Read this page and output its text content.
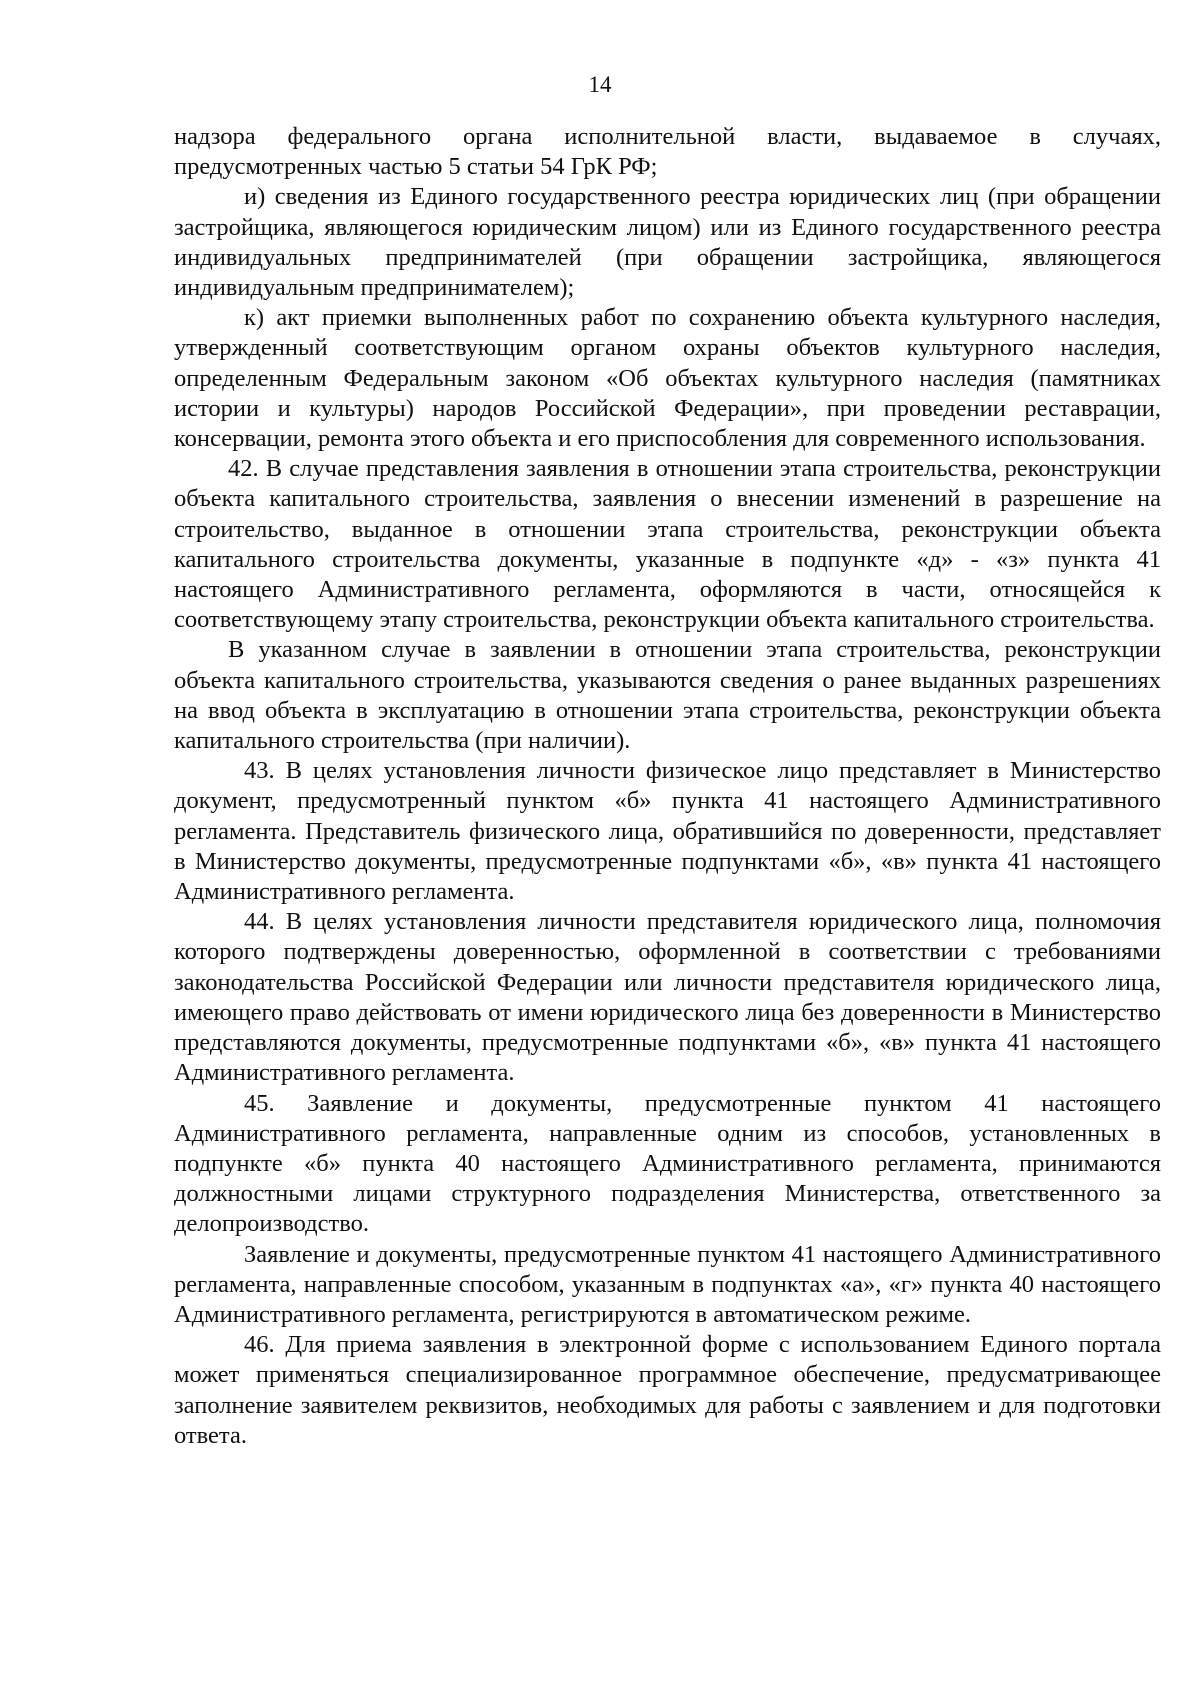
14

надзора федерального органа исполнительной власти, выдаваемое в случаях, предусмотренных частью 5 статьи 54 ГрК РФ;

и) сведения из Единого государственного реестра юридических лиц (при обращении застройщика, являющегося юридическим лицом) или из Единого государственного реестра индивидуальных предпринимателей (при обращении застройщика, являющегося индивидуальным предпринимателем);

к) акт приемки выполненных работ по сохранению объекта культурного наследия, утвержденный соответствующим органом охраны объектов культурного наследия, определенным Федеральным законом «Об объектах культурного наследия (памятниках истории и культуры) народов Российской Федерации», при проведении реставрации, консервации, ремонта этого объекта и его приспособления для современного использования.

42. В случае представления заявления в отношении этапа строительства, реконструкции объекта капитального строительства, заявления о внесении изменений в разрешение на строительство, выданное в отношении этапа строительства, реконструкции объекта капитального строительства документы, указанные в подпункте «д» - «з» пункта 41 настоящего Административного регламента, оформляются в части, относящейся к соответствующему этапу строительства, реконструкции объекта капитального строительства.

В указанном случае в заявлении в отношении этапа строительства, реконструкции объекта капитального строительства, указываются сведения о ранее выданных разрешениях на ввод объекта в эксплуатацию в отношении этапа строительства, реконструкции объекта капитального строительства (при наличии).

43. В целях установления личности физическое лицо представляет в Министерство документ, предусмотренный пунктом «б» пункта 41 настоящего Административного регламента. Представитель физического лица, обратившийся по доверенности, представляет в Министерство документы, предусмотренные подпунктами «б», «в» пункта 41 настоящего Административного регламента.

44. В целях установления личности представителя юридического лица, полномочия которого подтверждены доверенностью, оформленной в соответствии с требованиями законодательства Российской Федерации или личности представителя юридического лица, имеющего право действовать от имени юридического лица без доверенности в Министерство представляются документы, предусмотренные подпунктами «б», «в» пункта 41 настоящего Административного регламента.

45. Заявление и документы, предусмотренные пунктом 41 настоящего Административного регламента, направленные одним из способов, установленных в подпункте «б» пункта 40 настоящего Административного регламента, принимаются должностными лицами структурного подразделения Министерства, ответственного за делопроизводство.

Заявление и документы, предусмотренные пунктом 41 настоящего Административного регламента, направленные способом, указанным в подпунктах «а», «г» пункта 40 настоящего Административного регламента, регистрируются в автоматическом режиме.

46. Для приема заявления в электронной форме с использованием Единого портала может применяться специализированное программное обеспечение, предусматривающее заполнение заявителем реквизитов, необходимых для работы с заявлением и для подготовки ответа.
